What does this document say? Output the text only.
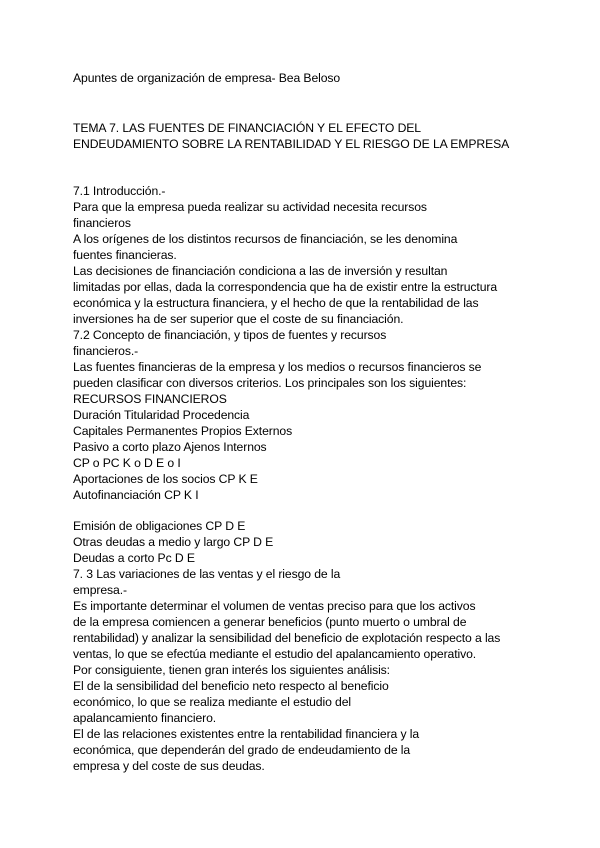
Apuntes de organización de empresa- Bea Beloso

TEMA 7. LAS FUENTES DE FINANCIACIÓN Y EL EFECTO DEL

ENDEUDAMIENTO SOBRE LA RENTABILIDAD Y EL RIESGO DE LA EMPRESA

7.1 Introducción.-

Para que la empresa pueda realizar su actividad necesita recursos

financieros

A los orígenes de los distintos recursos de financiación, se les denomina

fuentes financieras.

Las decisiones de financiación condiciona a las de inversión y resultan

limitadas por ellas, dada la correspondencia que ha de existir entre la estructura

económica y la estructura financiera, y el hecho de que la rentabilidad de las

inversiones ha de ser superior que el coste de su financiación.

7.2 Concepto de financiación, y tipos de fuentes y recursos

financieros.-

Las fuentes financieras de la empresa y los medios o recursos financieros se

pueden clasificar con diversos criterios. Los principales son los siguientes:

RECURSOS FINANCIEROS

Duración Titularidad Procedencia

Capitales Permanentes Propios Externos

Pasivo a corto plazo Ajenos Internos

CP o PC K o D E o I

Aportaciones de los socios CP K E

Autofinanciación CP K I

Emisión de obligaciones CP D E

Otras deudas a medio y largo CP D E

Deudas a corto Pc D E

7. 3 Las variaciones de las ventas y el riesgo de la

empresa.-

Es importante determinar el volumen de ventas preciso para que los activos

de la empresa comiencen a generar beneficios (punto muerto o umbral de

rentabilidad) y analizar la sensibilidad del beneficio de explotación respecto a las

ventas, lo que se efectúa mediante el estudio del apalancamiento operativo.

Por consiguiente, tienen gran interés los siguientes análisis:

El de la sensibilidad del beneficio neto respecto al beneficio

económico, lo que se realiza mediante el estudio del

apalancamiento financiero.

El de las relaciones existentes entre la rentabilidad financiera y la

económica, que dependerán del grado de endeudamiento de la

empresa y del coste de sus deudas.
